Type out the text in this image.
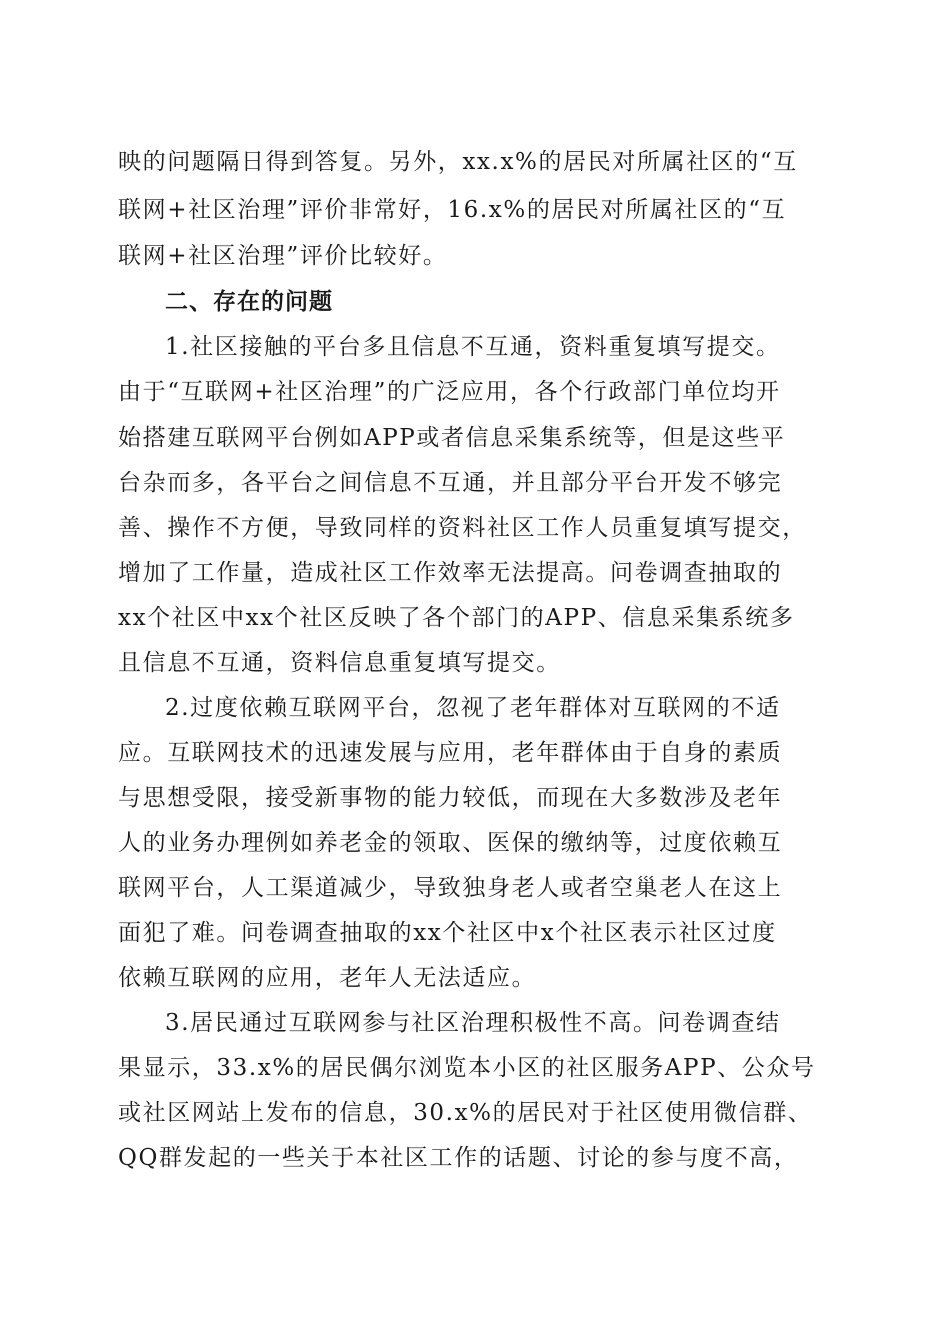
映的问题隔日得到答复。另外，xx.x%的居民对所属社区的“互
联网+社区治理”评价非常好，16.x%的居民对所属社区的“互
联网+社区治理”评价比较好。
二、存在的问题
1.社区接触的平台多且信息不互通，资料重复填写提交。
由于“互联网+社区治理”的广泛应用，各个行政部门单位均开
始搭建互联网平台例如APP或者信息采集系统等，但是这些平
台杂而多，各平台之间信息不互通，并且部分平台开发不够完
善、操作不方便，导致同样的资料社区工作人员重复填写提交，
增加了工作量，造成社区工作效率无法提高。问卷调查抽取的
xx个社区中xx个社区反映了各个部门的APP、信息采集系统多
且信息不互通，资料信息重复填写提交。
2.过度依赖互联网平台，忽视了老年群体对互联网的不适
应。互联网技术的迅速发展与应用，老年群体由于自身的素质
与思想受限，接受新事物的能力较低，而现在大多数涉及老年
人的业务办理例如养老金的领取、医保的缴纳等，过度依赖互
联网平台，人工渠道减少，导致独身老人或者空巢老人在这上
面犯了难。问卷调查抽取的xx个社区中x个社区表示社区过度
依赖互联网的应用，老年人无法适应。
3.居民通过互联网参与社区治理积极性不高。问卷调查结
果显示，33.x%的居民偶尔浏览本小区的社区服务APP、公众号
或社区网站上发布的信息，30.x%的居民对于社区使用微信群、
QQ群发起的一些关于本社区工作的话题、讨论的参与度不高，
